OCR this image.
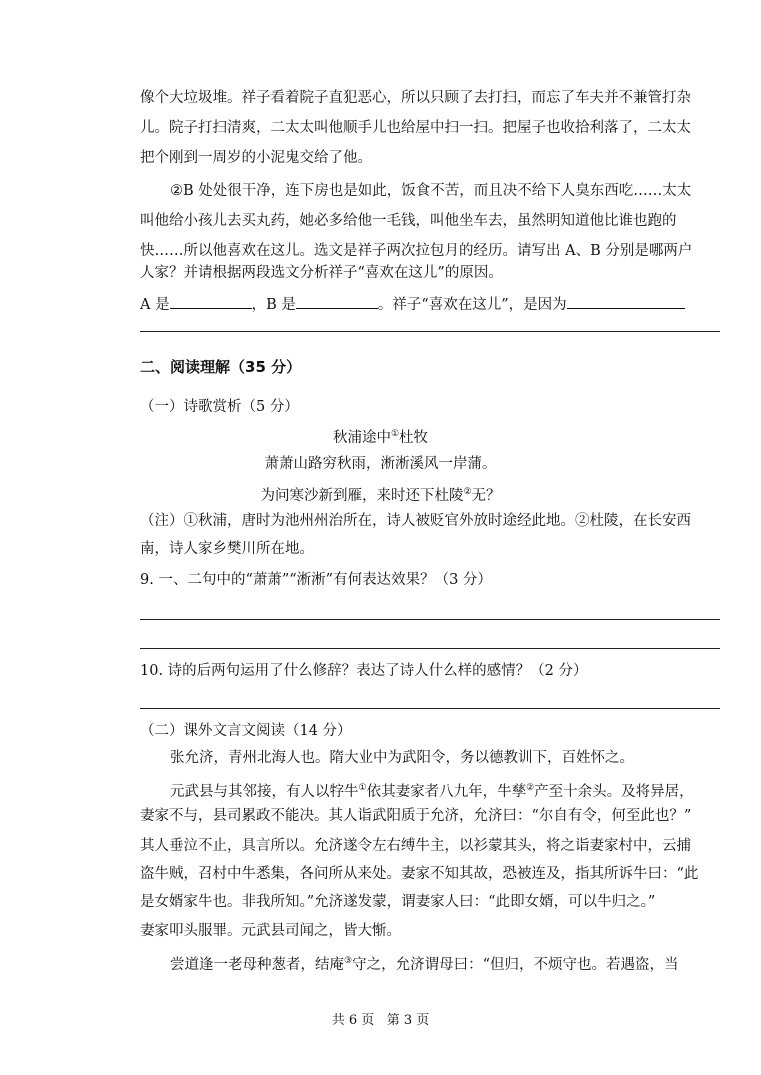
像个大垃圾堆。祥子看着院子直犯恶心，所以只顾了去打扫，而忘了车夫并不兼管打杂
儿。院子打扫清爽，二太太叫他顺手儿也给屋中扫一扫。把屋子也收拾利落了，二太太
把个刚到一周岁的小泥鬼交给了他。
②B 处处很干净，连下房也是如此，饭食不苦，而且决不给下人臭东西吃……太太
叫他给小孩儿去买丸药，她必多给他一毛钱，叫他坐车去，虽然明知道他比谁也跑的
快……所以他喜欢在这儿。选文是祥子两次拉包月的经历。请写出 A、B 分别是哪两户
人家？并请根据两段选文分析祥子“喜欢在这儿”的原因。
A 是	，B 是	。祥子“喜欢在这儿”，是因为
二、阅读理解（35 分）
（一）诗歌赏析（5 分）
秋浦途中①杜牧
萧萧山路穷秋雨，淅淅溪风一岸蒲。
为问寒沙新到雁，来时还下杜陵②无？
（注）①秋浦，唐时为池州州治所在，诗人被贬官外放时途经此地。②杜陵，在长安西
南，诗人家乡樊川所在地。
9. 一、二句中的“萧萧”“淅淅”有何表达效果？（3 分）
10. 诗的后两句运用了什么修辞？表达了诗人什么样的感情？（2 分）
（二）课外文言文阅读（14 分）
张允济，青州北海人也。隋大业中为武阳令，务以德教训下，百姓怀之。
元武县与其邻接，有人以牸牛①依其妻家者八九年，牛孳②产至十余头。及将异居，
妻家不与，县司累政不能决。其人诣武阳质于允济，允济曰：“尔自有令，何至此也？”
其人垂泣不止，具言所以。允济遂令左右缚牛主，以衫蒙其头，将之诣妻家村中，云捕
盗牛贼，召村中牛悉集，各问所从来处。妻家不知其故，恐被连及，指其所诉牛曰：“此
是女婿家牛也。非我所知。”允济遂发蒙，谓妻家人曰：“此即女婿，可以牛归之。”
妻家叩头服罪。元武县司闻之，皆大惭。
尝道逢一老母种葱者，结庵③守之，允济谓母曰：“但归，不烦守也。若遇盗，当
共 6 页 第 3 页
